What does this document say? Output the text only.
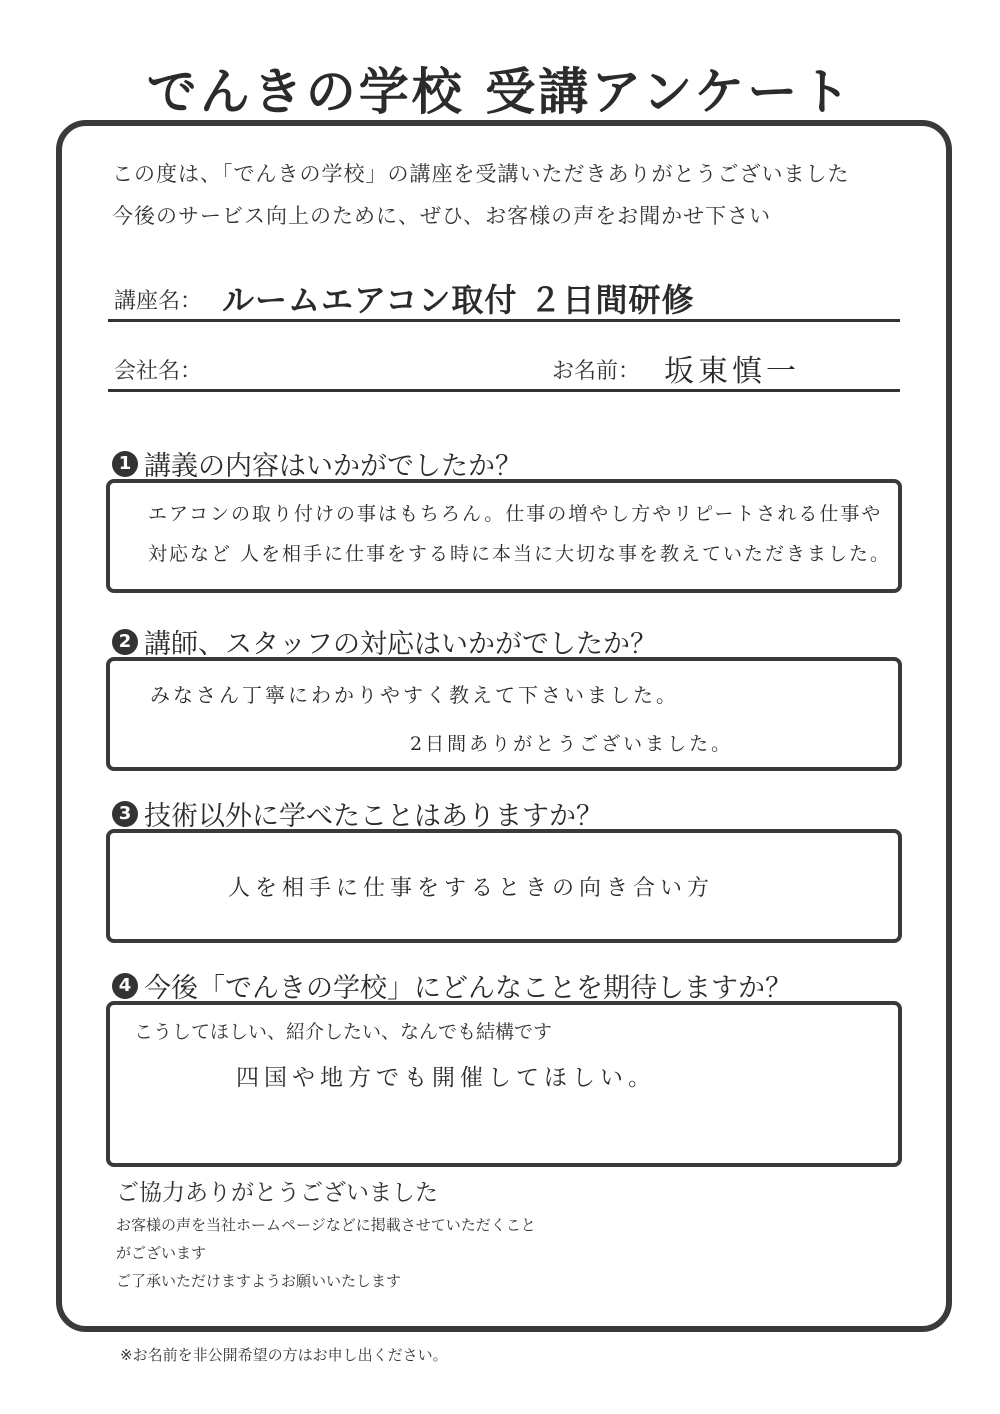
でんきの学校 受講アンケート
この度は、「でんきの学校」の講座を受講いただきありがとうございました
今後のサービス向上のために、ぜひ、お客様の声をお聞かせ下さい
講座名： ルームエアコン取付 ２日間研修
会社名：	お名前： 坂東慎一
1 講義の内容はいかがでしたか？
エアコンの取り付けの事はもちろん。仕事の増やし方やリピートされる仕事や
対応など 人を相手に仕事をする時に本当に大切な事を教えていただきました。
2 講師、スタッフの対応はいかがでしたか？
みなさん丁寧にわかりやすく教えて下さいました。
2日間ありがとうございました。
3 技術以外に学べたことはありますか？
人を相手に仕事をするときの向き合い方
4 今後「でんきの学校」にどんなことを期待しますか？
こうしてほしい、紹介したい、なんでも結構です
四国や地方でも開催してほしい。
ご協力ありがとうございました
お客様の声を当社ホームページなどに掲載させていただくこと
がございます
ご了承いただけますようお願いいたします
※お名前を非公開希望の方はお申し出ください。
